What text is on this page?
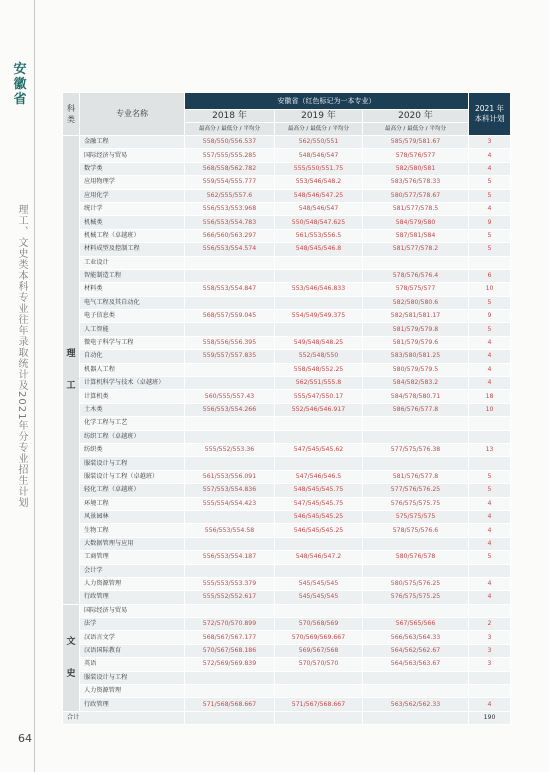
安徽省
理工、文史类本科专业往年录取统计及2021年分专业招生计划
64
科类	专业名称	安徽省（红色标记为一本专业）			2021 年本科计划

		2018 年	2019 年	2020 年	
		最高分 / 最低分 / 平均分	最高分 / 最低分 / 平均分	最高分 / 最低分 / 平均分	

理工	金融工程	558/550/556.537	562/550/551	585/579/581.67	3
	国际经济与贸易	557/555/555.285	548/546/547	578/576/577	4
	数学类	568/558/562.782	555/550/551.75	582/580/581	4
	应用物理学	559/554/555.777	553/546/548.2	583/576/578.33	5
	应用化学	562/555/557.6	548/546/547.25	580/577/578.67	5
	统计学	556/553/553.968	548/546/547	581/577/578.5	4
	机械类	556/553/554.783	550/548/547.625	584/579/580	9
	机械工程（卓越班）	566/560/563.297	561/553/556.5	587/581/584	5
	材料成型及控制工程	556/553/554.574	548/545/546.8	581/577/578.2	5
	工业设计				
	智能制造工程			578/576/576.4	6
	材料类	558/553/554.847	553/546/546.833	578/575/577	10
	电气工程及其自动化			582/580/580.6	5
	电子信息类	568/557/559.045	554/549/549.375	582/581/581.17	9
	人工智能			581/579/579.8	5
	微电子科学与工程	558/556/556.395	549/548/548.25	581/579/579.6	4
	自动化	559/557/557.835	552/548/550	583/580/581.25	4
	机器人工程		558/548/552.25	580/579/579.5	4
	计算机科学与技术（卓越班）		562/551/555.8	584/582/583.2	4
	计算机类	560/555/557.43	555/547/550.17	584/578/580.71	18
	土木类	556/553/554.266	552/546/546.917	586/576/577.8	10
	化学工程与工艺				
	纺织工程（卓越班）				
	纺织类	555/552/553.36	547/545/545.62	577/575/576.38	13
	服装设计与工程				
	服装设计与工程（卓越班）	561/553/556.091	547/546/546.5	581/576/577.8	5
	轻化工程（卓越班）	557/553/554.836	548/545/545.75	577/576/576.25	5
	环境工程	555/554/554.423	547/545/545.75	576/575/575.75	4
	风景园林		546/545/545.25	575/575/575	4
	生物工程	556/553/554.58	546/545/545.25	578/575/576.6	4
	大数据管理与应用				4
	工商管理	556/553/554.187	548/546/547.2	580/576/578	5
	会计学				
	人力资源管理	555/553/553.379	545/545/545	580/575/576.25	4
	行政管理	555/552/552.617	545/545/545	576/575/575.25	4

文史	国际经济与贸易				
	法学	572/570/570.899	570/568/569	567/565/566	2
	汉语言文学	568/567/567.177	570/569/569.667	566/563/564.33	3
	汉语国际教育	570/567/568.186	569/567/568	564/562/562.67	3
	英语	572/569/569.839	570/570/570	564/563/563.67	3
	服装设计与工程				
	人力资源管理				
	行政管理	571/568/568.667	571/567/568.667	563/562/562.33	4
合计					190
